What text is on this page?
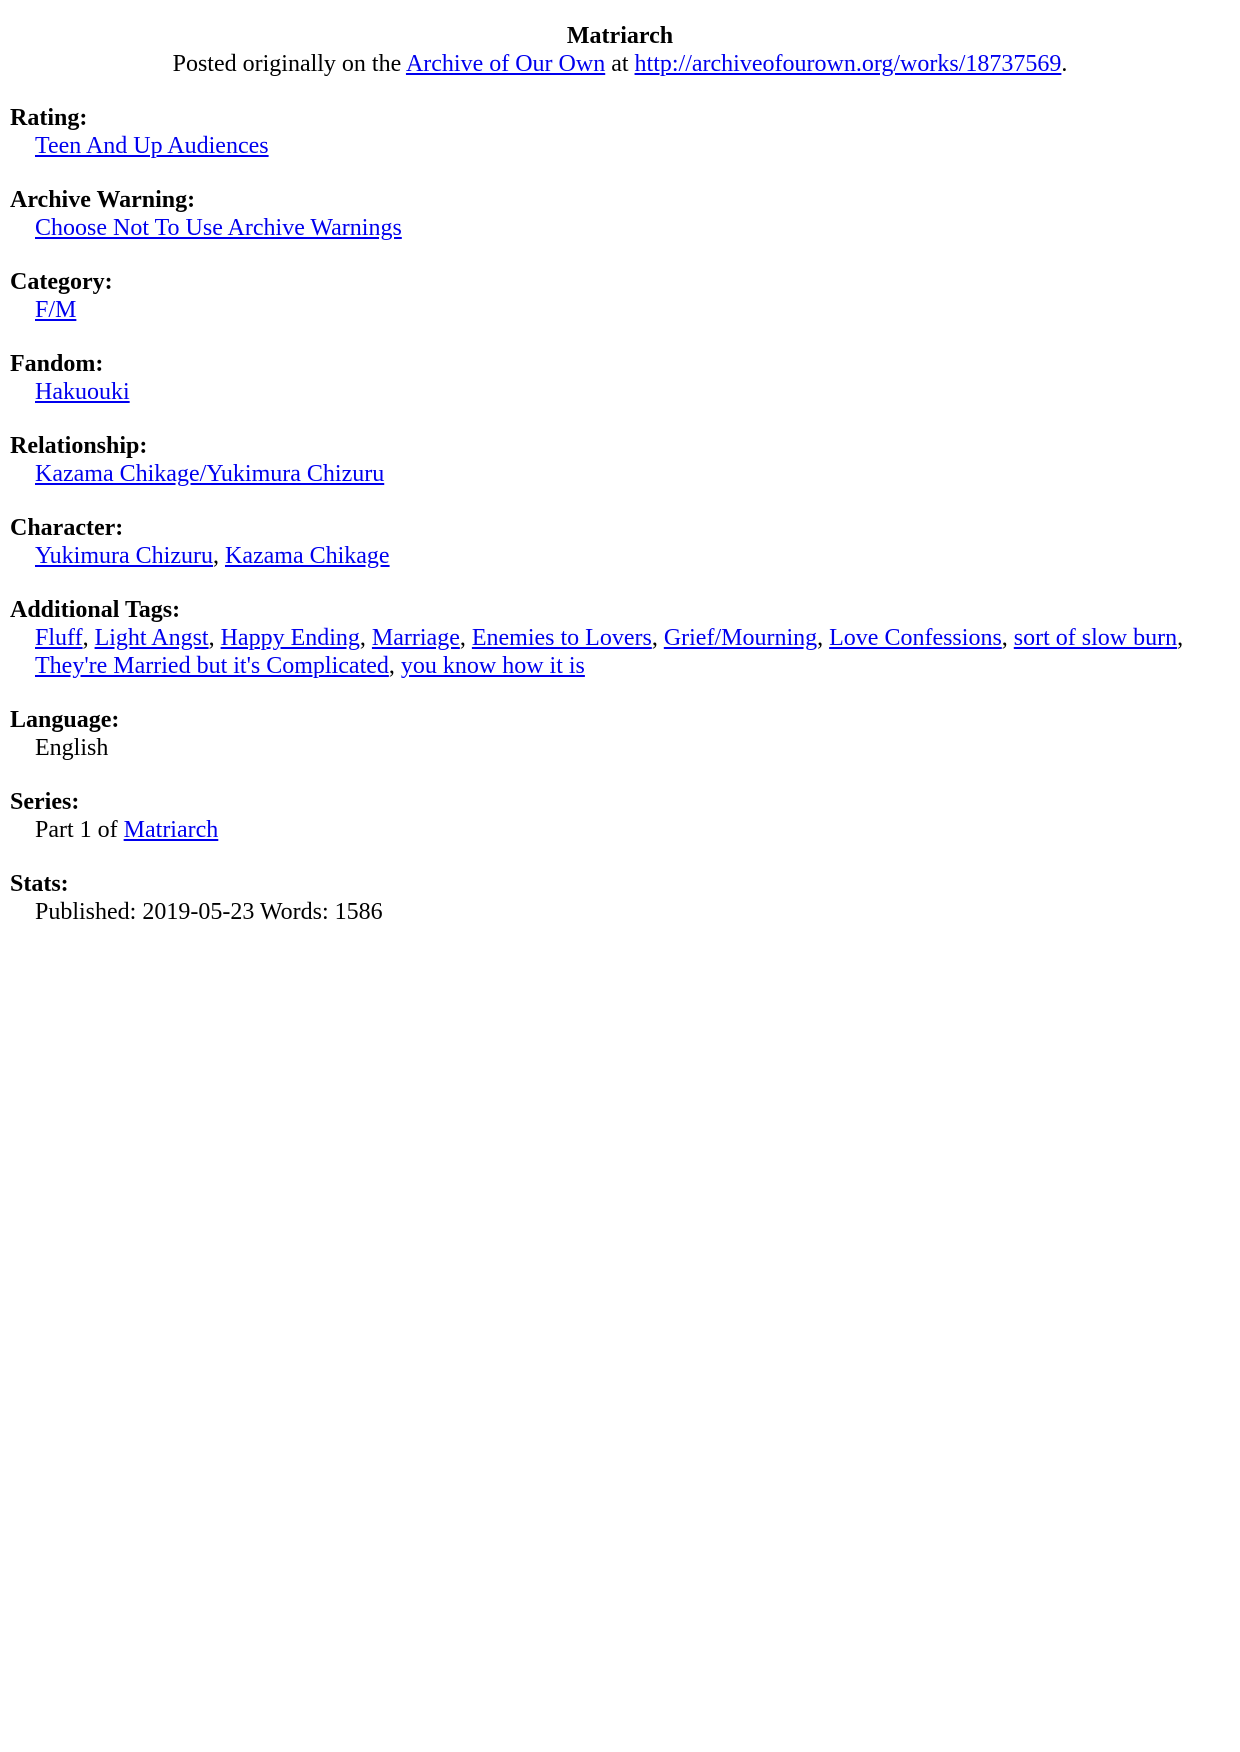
Matriarch
Posted originally on the Archive of Our Own at http://archiveofourown.org/works/18737569.
Rating:
Teen And Up Audiences
Archive Warning:
Choose Not To Use Archive Warnings
Category:
F/M
Fandom:
Hakuouki
Relationship:
Kazama Chikage/Yukimura Chizuru
Character:
Yukimura Chizuru, Kazama Chikage
Additional Tags:
Fluff, Light Angst, Happy Ending, Marriage, Enemies to Lovers, Grief/Mourning, Love Confessions, sort of slow burn, They're Married but it's Complicated, you know how it is
Language:
English
Series:
Part 1 of Matriarch
Stats:
Published: 2019-05-23 Words: 1586
